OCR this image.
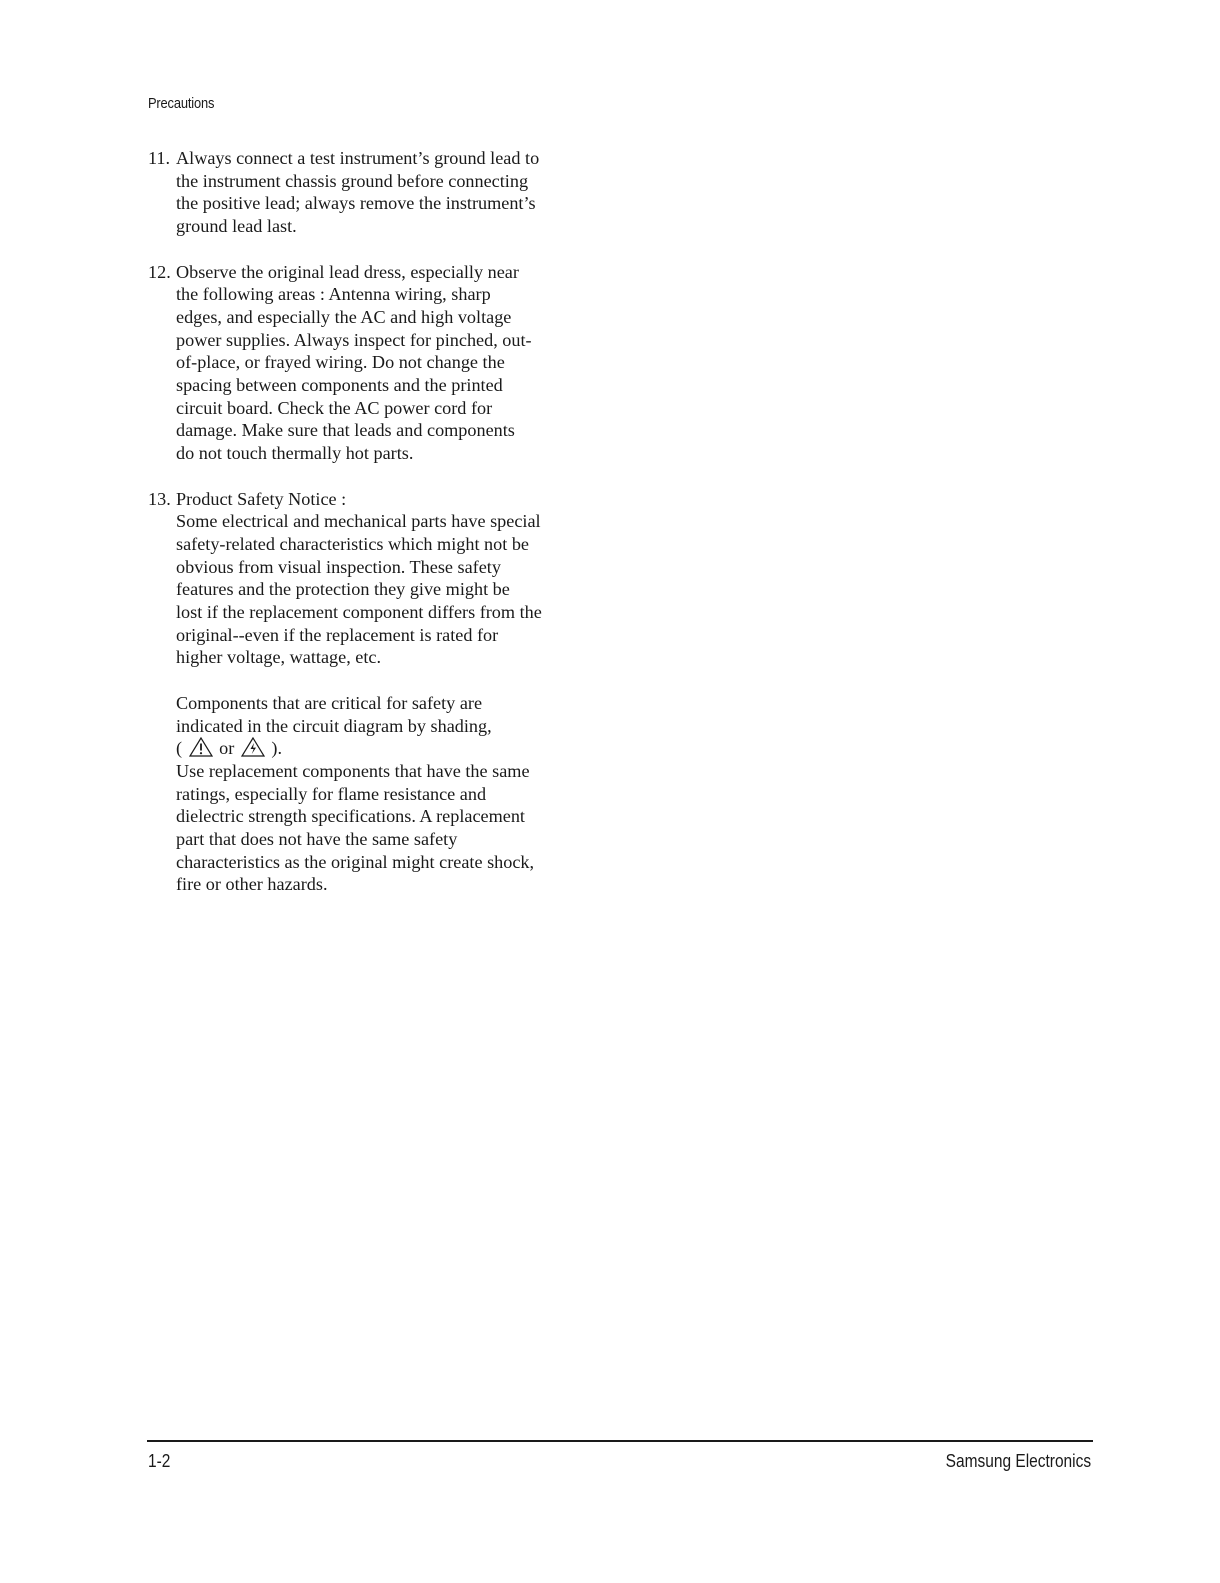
Precautions
11. Always connect a test instrument’s ground lead to
the instrument chassis ground before connecting
the positive lead; always remove the instrument’s
ground lead last.
12. Observe the original lead dress, especially near
the following areas : Antenna wiring, sharp
edges, and especially the AC and high voltage
power supplies. Always inspect for pinched, out-
of-place, or frayed wiring. Do not change the
spacing between components and the printed
circuit board. Check the AC power cord for
damage. Make sure that leads and components
do not touch thermally hot parts.
13. Product Safety Notice :
Some electrical and mechanical parts have special
safety-related characteristics which might not be
obvious from visual inspection. These safety
features and the protection they give might be
lost if the replacement component differs from the
original--even if the replacement is rated for
higher voltage, wattage, etc.
Components that are critical for safety are
indicated in the circuit diagram by shading,
( or ).
Use replacement components that have the same
ratings, especially for flame resistance and
dielectric strength specifications. A replacement
part that does not have the same safety
characteristics as the original might create shock,
fire or other hazards.
1-2	Samsung Electronics
